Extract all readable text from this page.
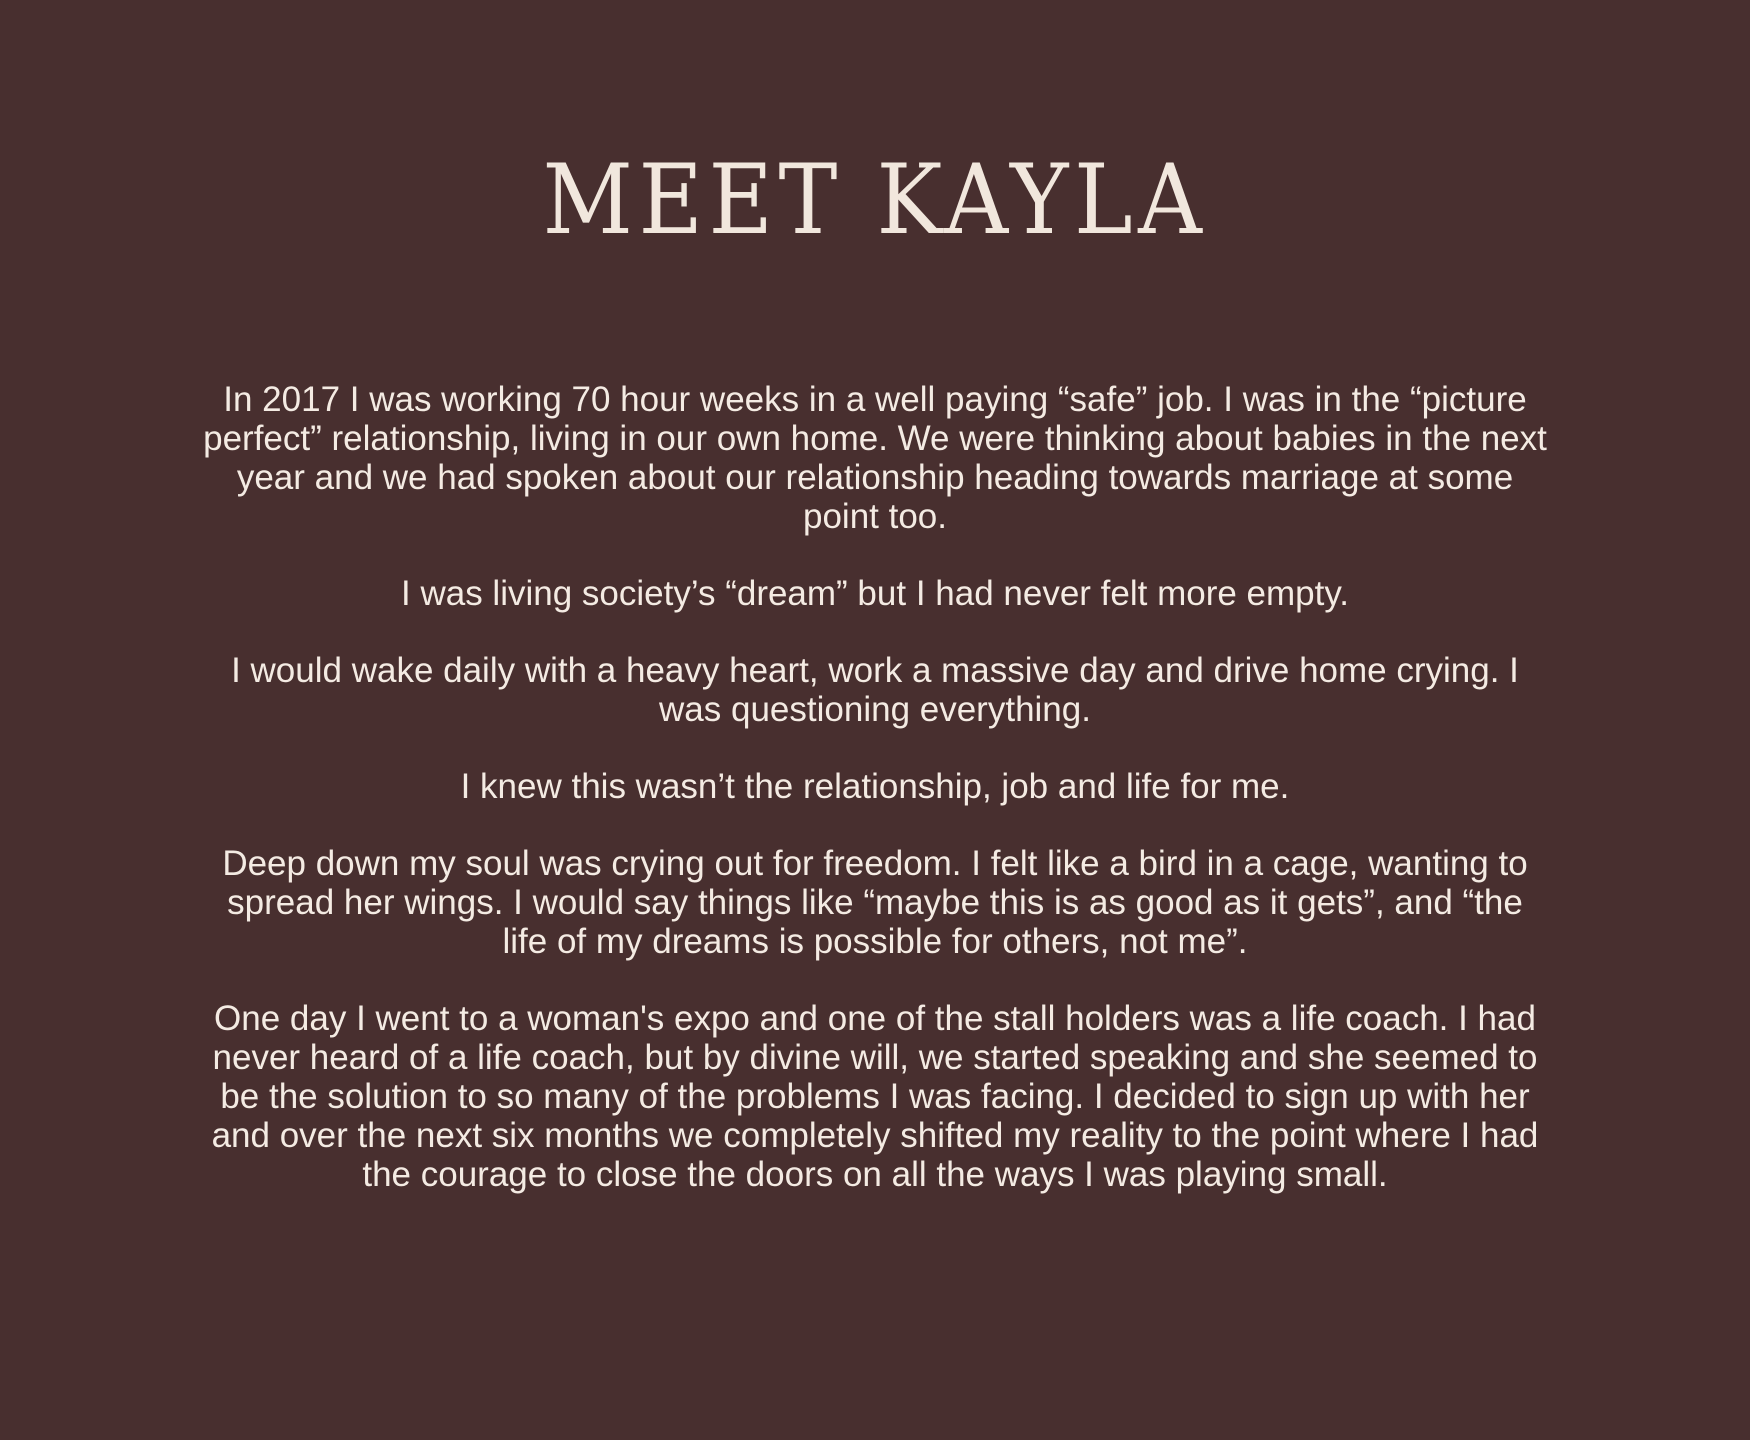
MEET KAYLA

In 2017 I was working 70 hour weeks in a well paying “safe” job. I was in the “picture perfect” relationship, living in our own home. We were thinking about babies in the next year and we had spoken about our relationship heading towards marriage at some point too.

I was living society’s “dream” but I had never felt more empty.

I would wake daily with a heavy heart, work a massive day and drive home crying. I was questioning everything.

I knew this wasn’t the relationship, job and life for me.

Deep down my soul was crying out for freedom. I felt like a bird in a cage, wanting to spread her wings. I would say things like “maybe this is as good as it gets”, and “the life of my dreams is possible for others, not me”.

One day I went to a woman's expo and one of the stall holders was a life coach. I had never heard of a life coach, but by divine will, we started speaking and she seemed to be the solution to so many of the problems I was facing. I decided to sign up with her and over the next six months we completely shifted my reality to the point where I had the courage to close the doors on all the ways I was playing small.
